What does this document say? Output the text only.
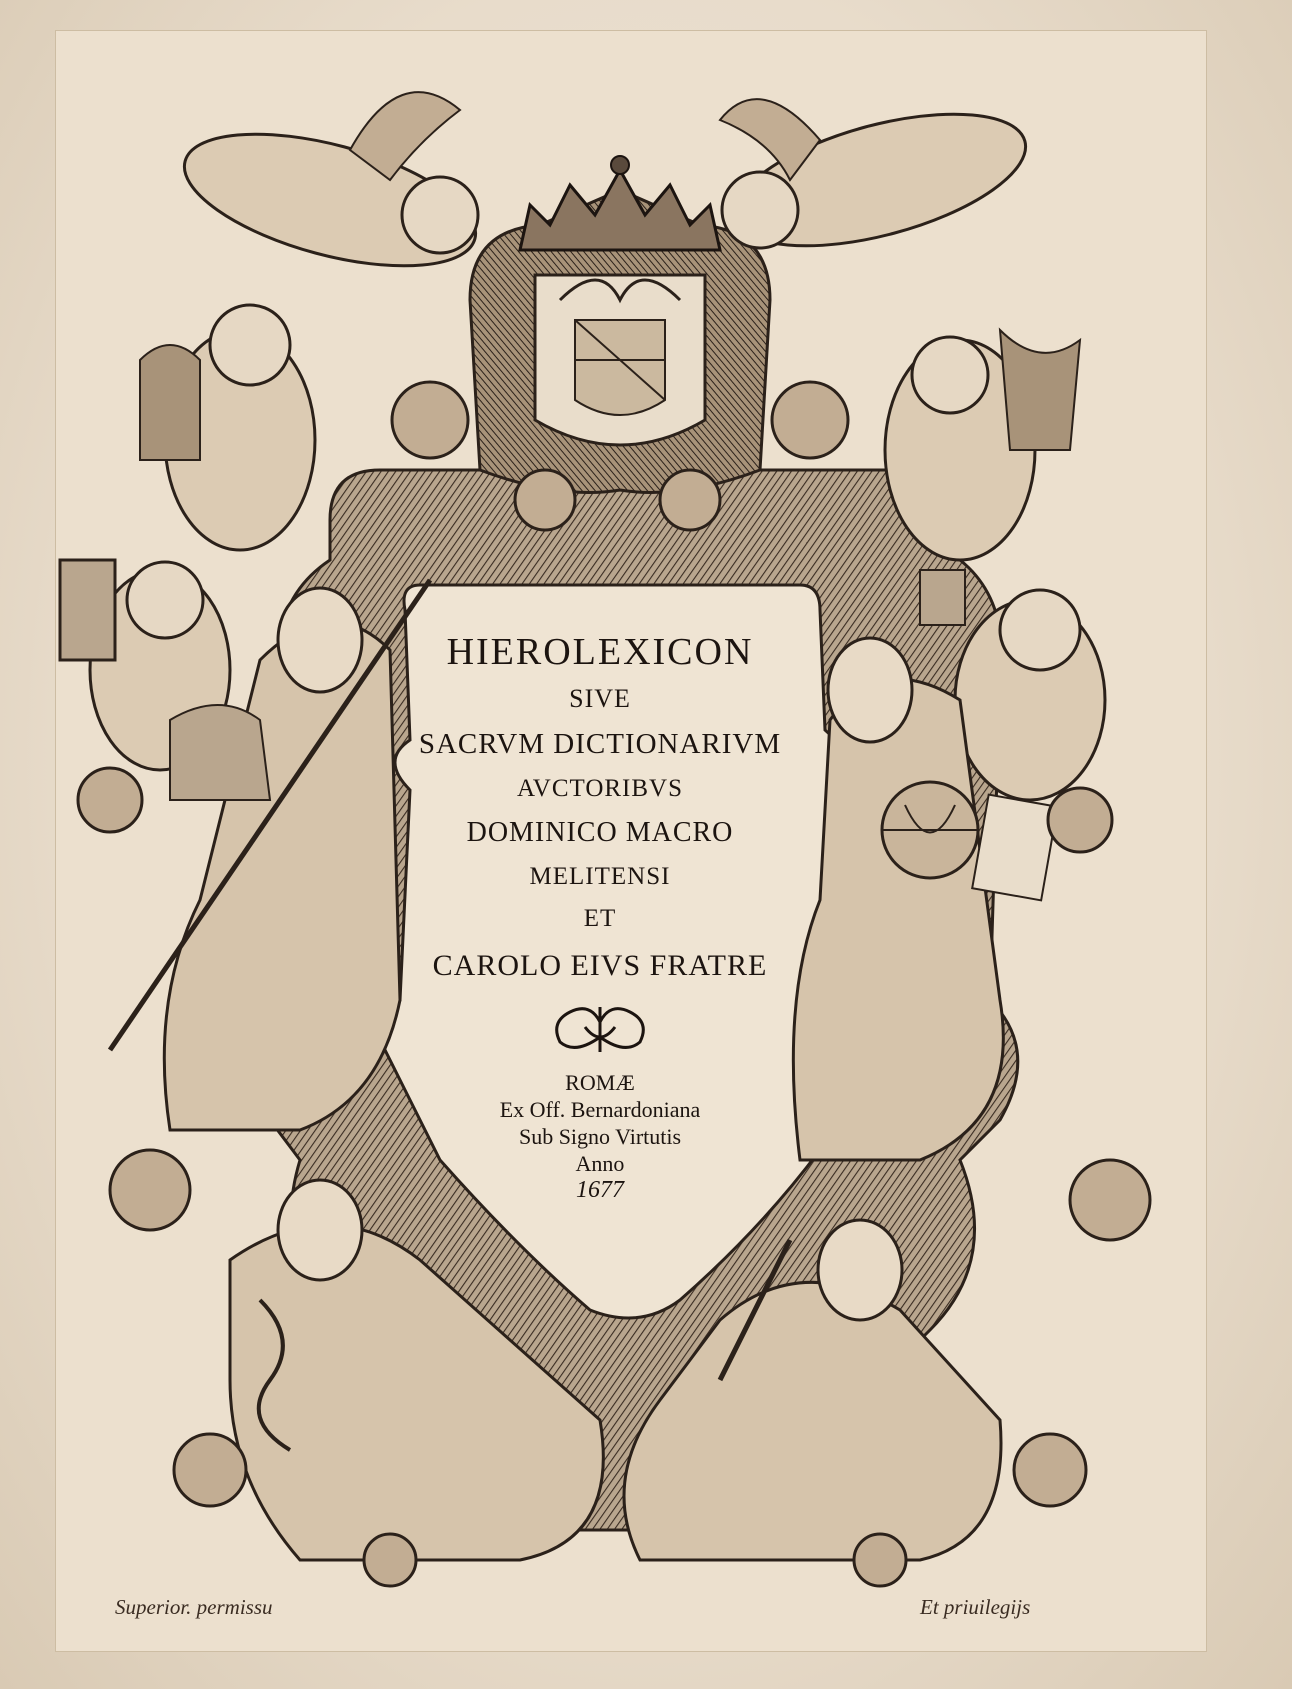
HIEROLEXICON
SIVE
SACRVM DICTIONARIVM
AVCTORIBVS
DOMINICO MACRO
MELITENSI
ET
CAROLO EIVS FRATRE
ROMÆ
Ex Off. Bernardoniana
Sub Signo Virtutis
Anno
1677
Superior. permissu	Et priuilegijs
